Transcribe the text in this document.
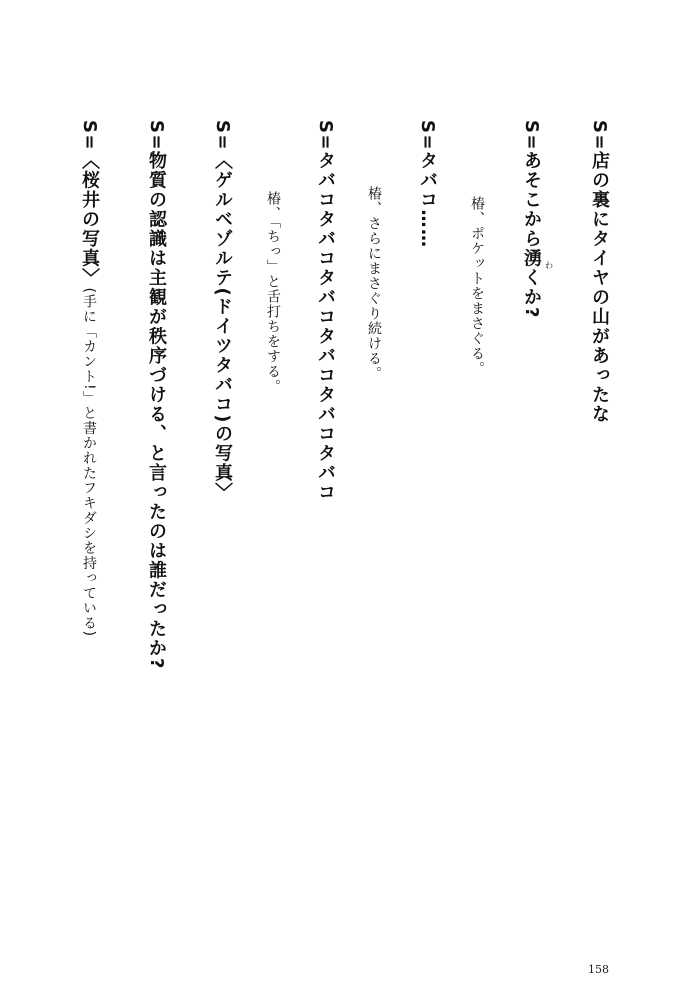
S=店の裏にタイヤの山があったな
S=あそこから湧くか? わ
椿、ポケットをまさぐる。
S=タバコ……
椿、さらにまさぐり続ける。
S=タバコタバコタバコタバコタバコタバコ
椿、「ちっ」と舌打ちをする。
S=〈ゲルベゾルテ(ドイツタバコ)の写真〉
S=物質の認識は主観が秩序づける、と言ったのは誰だったか?
S=〈桜井の写真〉(手に「カント!」と書かれたフキダシを持っている)
158
